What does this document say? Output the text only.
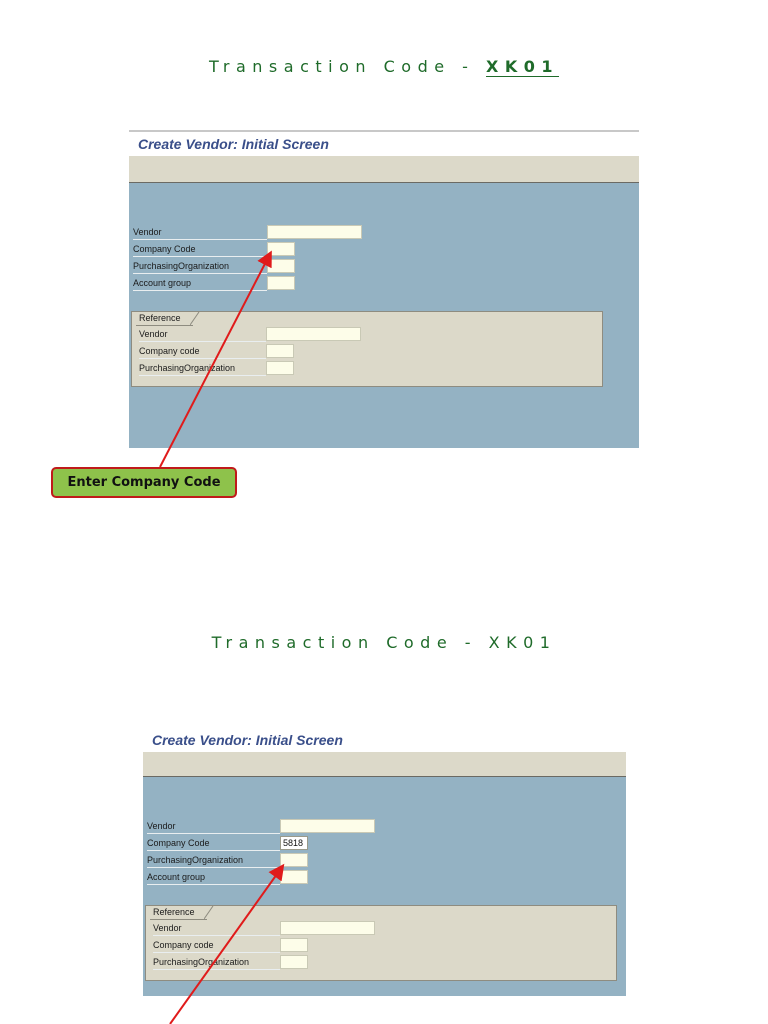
Transaction Code - XK01
Create Vendor: Initial Screen
Vendor
Company Code
PurchasingOrganization
Account group
Reference
Vendor
Company code
PurchasingOrganization
Enter Company Code
Transaction Code - XK01
Create Vendor: Initial Screen
Vendor
Company Code
5818
PurchasingOrganization
Account group
Reference
Vendor
Company code
PurchasingOrganization
